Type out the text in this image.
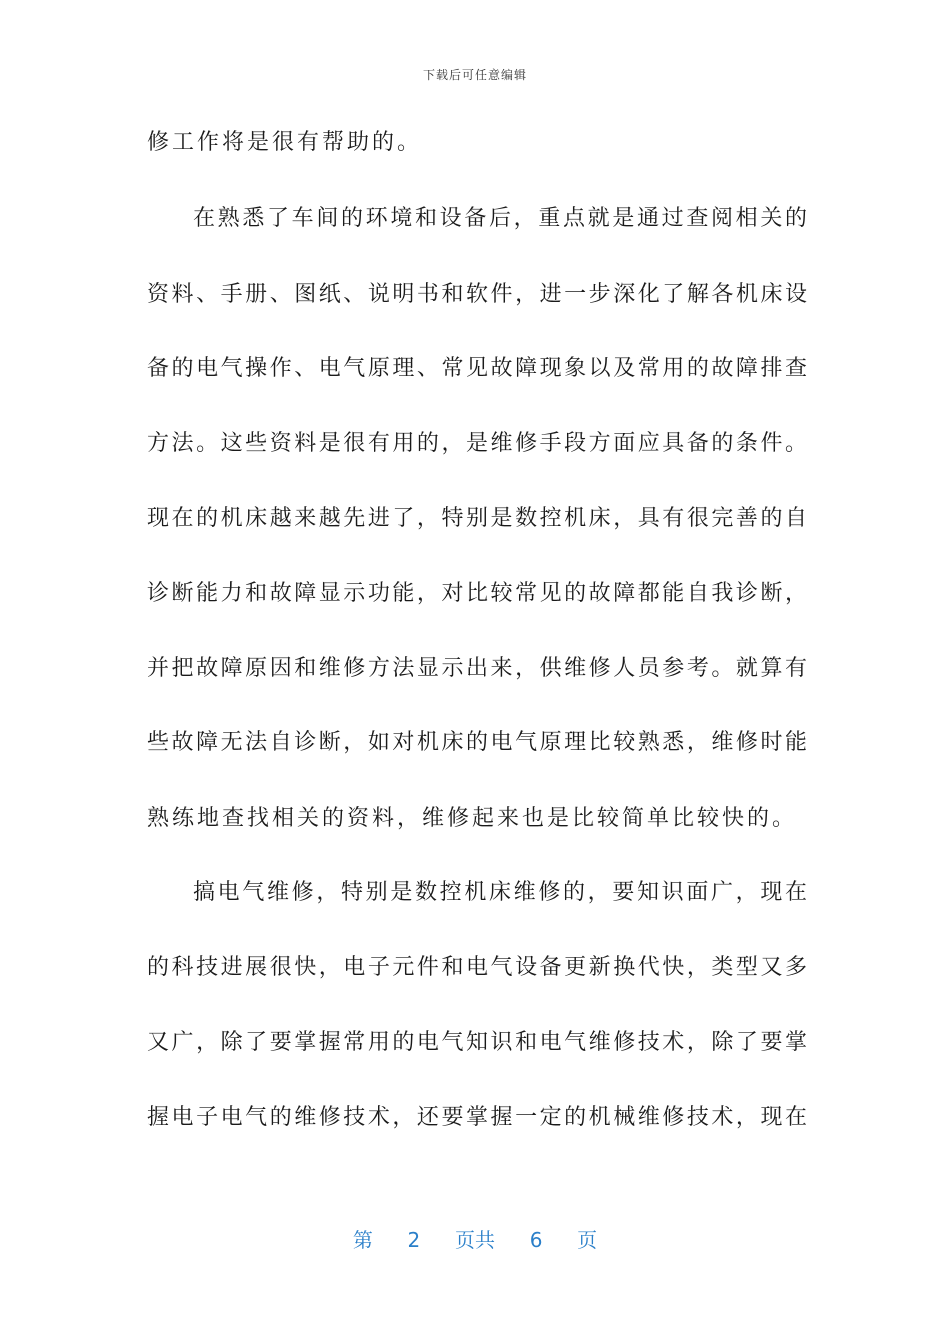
下载后可任意编辑
修工作将是很有帮助的。
在熟悉了车间的环境和设备后，重点就是通过查阅相关的
资料、手册、图纸、说明书和软件，进一步深化了解各机床设
备的电气操作、电气原理、常见故障现象以及常用的故障排查
方法。这些资料是很有用的，是维修手段方面应具备的条件。
现在的机床越来越先进了，特别是数控机床，具有很完善的自
诊断能力和故障显示功能，对比较常见的故障都能自我诊断，
并把故障原因和维修方法显示出来，供维修人员参考。就算有
些故障无法自诊断，如对机床的电气原理比较熟悉，维修时能
熟练地查找相关的资料，维修起来也是比较简单比较快的。
搞电气维修，特别是数控机床维修的，要知识面广，现在
的科技进展很快，电子元件和电气设备更新换代快，类型又多
又广，除了要掌握常用的电气知识和电气维修技术，除了要掌
握电子电气的维修技术，还要掌握一定的机械维修技术，现在
第 2 页共 6 页
